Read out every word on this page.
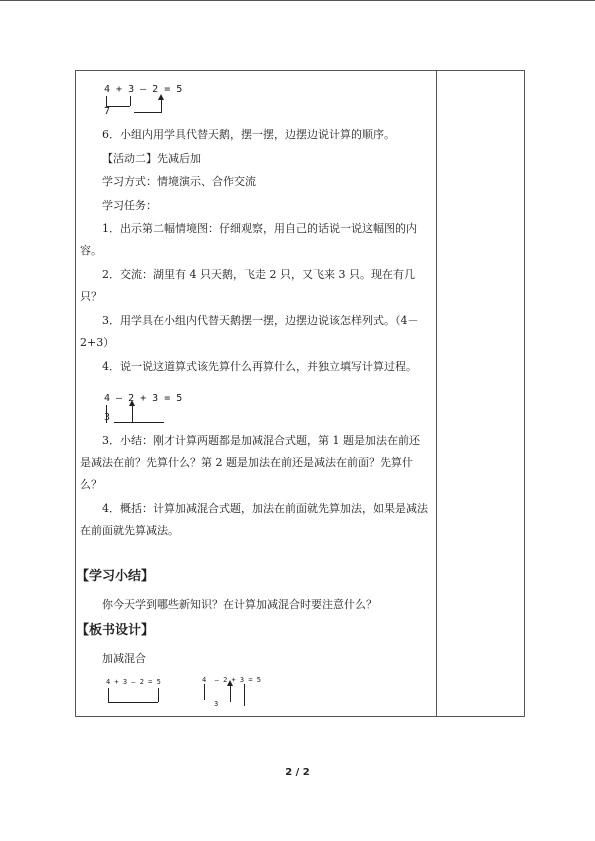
4 + 3 — 2 = 5
7
6．小组内用学具代替天鹅，摆一摆，边摆边说计算的顺序。
【活动二】先减后加
学习方式：情境演示、合作交流
学习任务：
1．出示第二幅情境图：仔细观察，用自己的话说一说这幅图的内容。
2．交流：湖里有 4 只天鹅，飞走 2 只，又飞来 3 只。现在有几只？
3．用学具在小组内代替天鹅摆一摆，边摆边说该怎样列式。（4－2+3）
4．说一说这道算式该先算什么再算什么，并独立填写计算过程。
4 — 2 + 3 = 5
3
3．小结：刚才计算两题都是加减混合式题，第 1 题是加法在前还是减法在前？先算什么？第 2 题是加法在前还是减法在前面？先算什么？
4．概括：计算加减混合式题，加法在前面就先算加法，如果是减法在前面就先算减法。
【学习小结】
你今天学到哪些新知识？在计算加减混合时要注意什么？
【板书设计】
加减混合
4 + 3 — 2 = 5	4  — 2 + 3 = 5
3
2 / 2
